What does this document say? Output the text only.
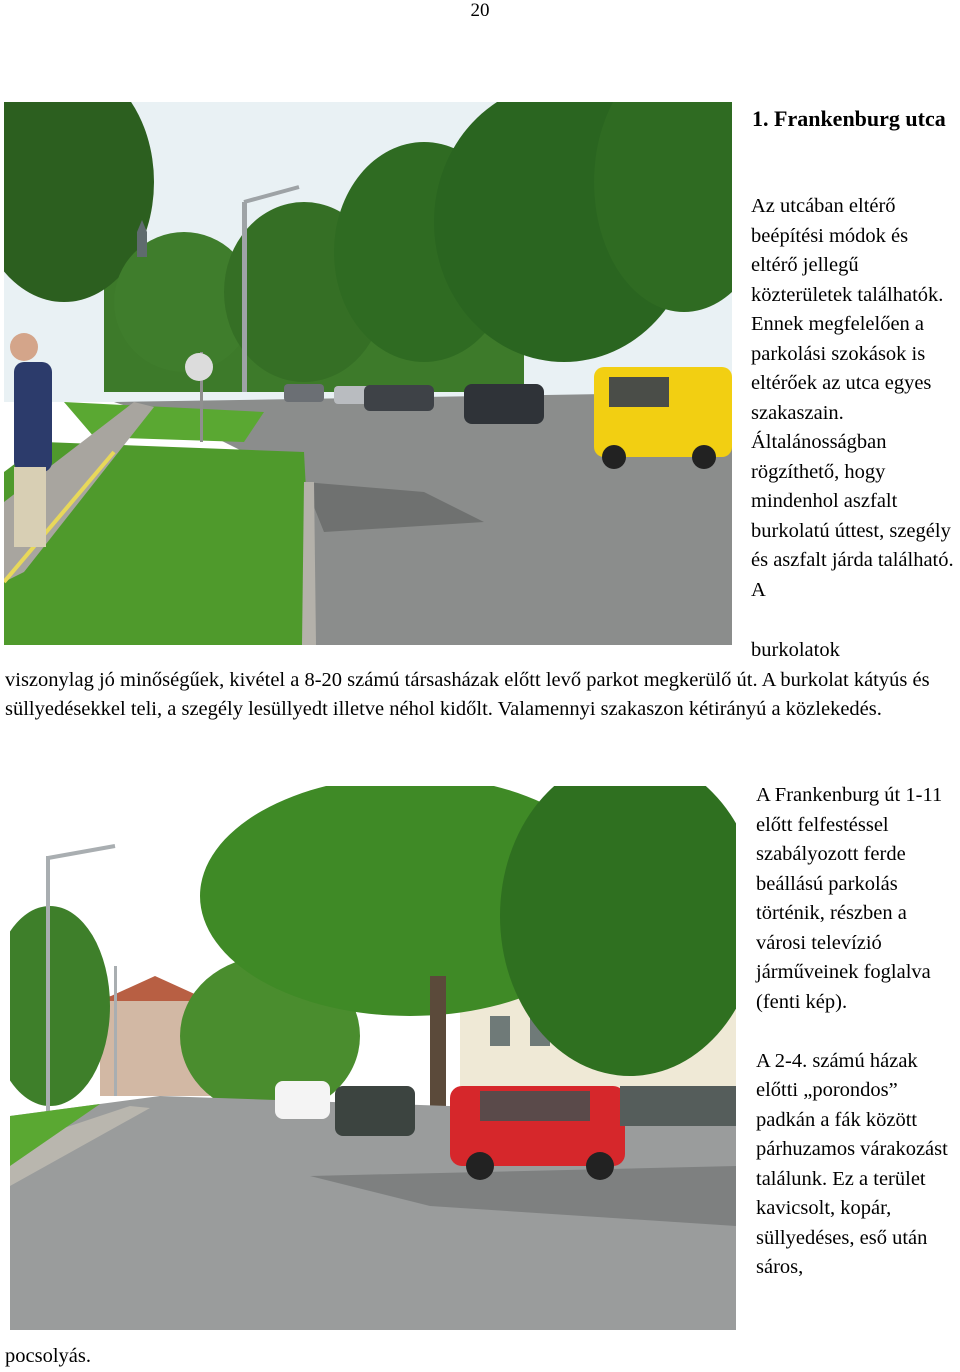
20
1. Frankenburg utca
Az utcában eltérő beépítési módok és eltérő jellegű közterületek találhatók. Ennek megfelelően a parkolási szokások is eltérőek az utca egyes szakaszain. Általánosságban rögzíthető, hogy mindenhol aszfalt burkolatú úttest, szegély és aszfalt járda található. A
burkolatok
viszonylag jó minőségűek, kivétel a 8-20 számú társasházak előtt levő parkot megkerülő út. A burkolat kátyús és süllyedésekkel teli, a szegély lesüllyedt illetve néhol kidőlt. Valamennyi szakaszon kétirányú a közlekedés.

A Frankenburg út 1-11 előtt felfestéssel szabályozott ferde beállású parkolás történik, részben a városi televízió járműveinek foglalva (fenti kép).

A 2-4. számú házak előtti „porondos” padkán a fák között párhuzamos várakozást találunk. Ez a terület kavicsolt, kopár, süllyedéses, eső után sáros,

pocsolyás.
